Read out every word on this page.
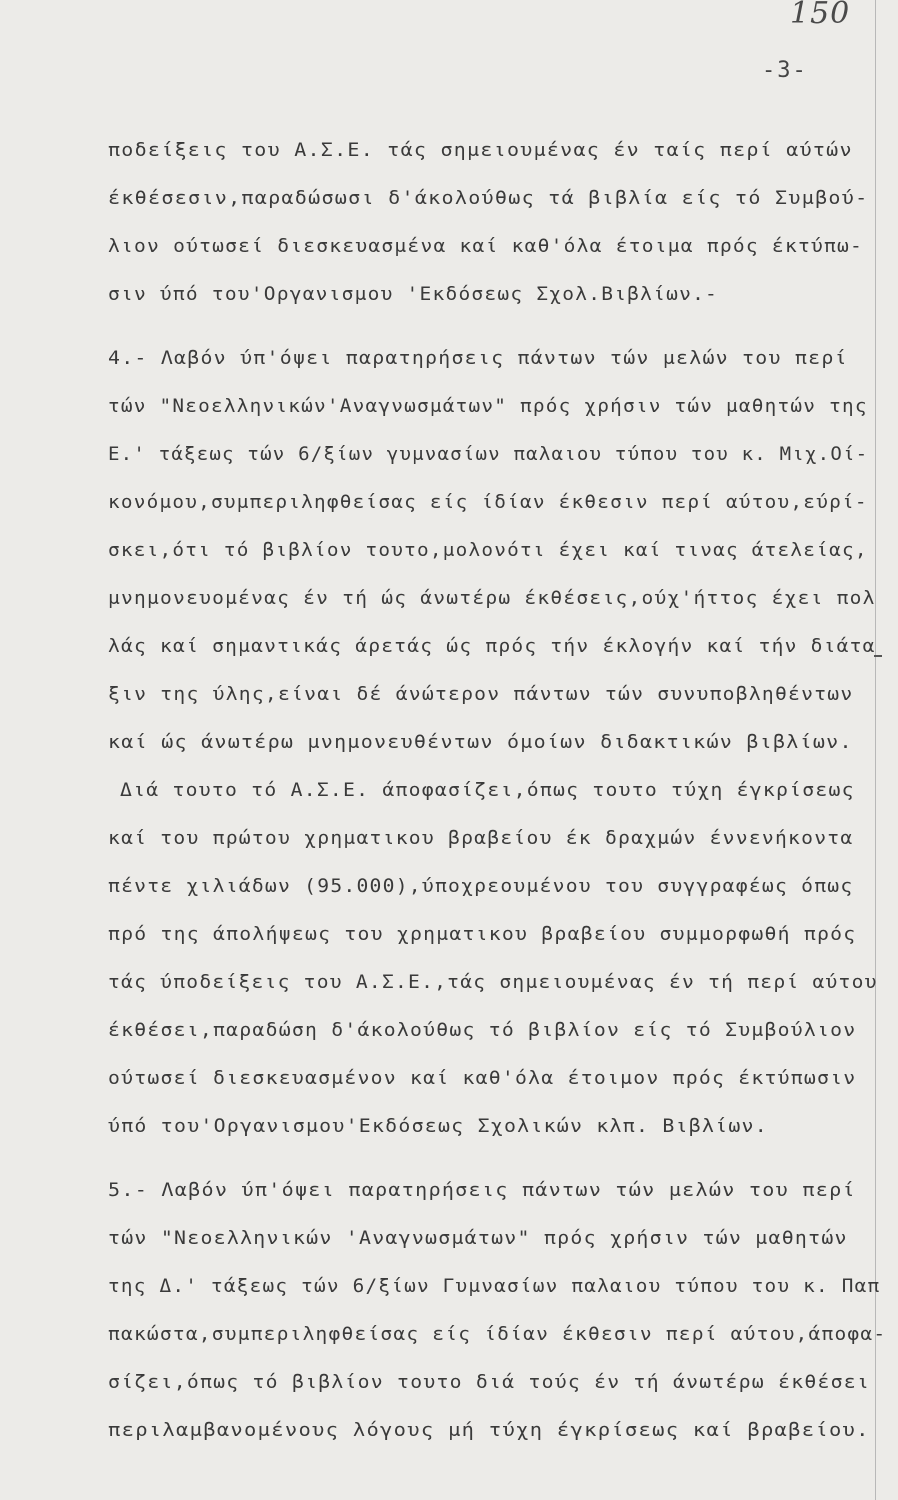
150
-3-
ποδείξεις του Α.Σ.Ε. τάς σημειουμένας έν ταίς περί αύτών
έκθέσεσιν,παραδώσωσι δ'άκολούθως τά βιβλία είς τό Συμβού-
λιον ούτωσεί διεσκευασμένα καί καθ'όλα έτοιμα πρός έκτύπω-
σιν ύπό του'Οργανισμου 'Εκδόσεως Σχολ.Βιβλίων.-
4.- Λαβόν ύπ'όψει παρατηρήσεις πάντων τών μελών του περί
τών "Νεοελληνικών'Αναγνωσμάτων" πρός χρήσιν τών μαθητών της
Ε.' τάξεως τών 6/ξίων γυμνασίων παλαιου τύπου του κ. Μιχ.Οί-
κονόμου,συμπεριληφθείσας είς ίδίαν έκθεσιν περί αύτου,εύρί-
σκει,ότι τό βιβλίον τουτο,μολονότι έχει καί τινας άτελείας,
μνημονευομένας έν τή ώς άνωτέρω έκθέσεις,ούχ'ήττος έχει πολ
λάς καί σημαντικάς άρετάς ώς πρός τήν έκλογήν καί τήν διάτα
ξιν της ύλης,είναι δέ άνώτερον πάντων τών συνυποβληθέντων
καί ώς άνωτέρω μνημονευθέντων όμοίων διδακτικών βιβλίων.
Διά τουτο τό Α.Σ.Ε. άποφασίζει,όπως τουτο τύχη έγκρίσεως
καί του πρώτου χρηματικου βραβείου έκ δραχμών έννενήκοντα
πέντε χιλιάδων (95.000),ύποχρεουμένου του συγγραφέως όπως
πρό της άπολήψεως του χρηματικου βραβείου συμμορφωθή πρός
τάς ύποδείξεις του Α.Σ.Ε.,τάς σημειουμένας έν τή περί αύτου
έκθέσει,παραδώση δ'άκολούθως τό βιβλίον είς τό Συμβούλιον
ούτωσεί διεσκευασμένον καί καθ'όλα έτοιμον πρός έκτύπωσιν
ύπό του'Οργανισμου'Εκδόσεως Σχολικών κλπ. Βιβλίων.
5.- Λαβόν ύπ'όψει παρατηρήσεις πάντων τών μελών του περί
τών "Νεοελληνικών 'Αναγνωσμάτων" πρός χρήσιν τών μαθητών
της Δ.' τάξεως τών 6/ξίων Γυμνασίων παλαιου τύπου του κ. Παπ
πακώστα,συμπεριληφθείσας είς ίδίαν έκθεσιν περί αύτου,άποφα-
σίζει,όπως τό βιβλίον τουτο διά τούς έν τή άνωτέρω έκθέσει
περιλαμβανομένους λόγους μή τύχη έγκρίσεως καί βραβείου.
